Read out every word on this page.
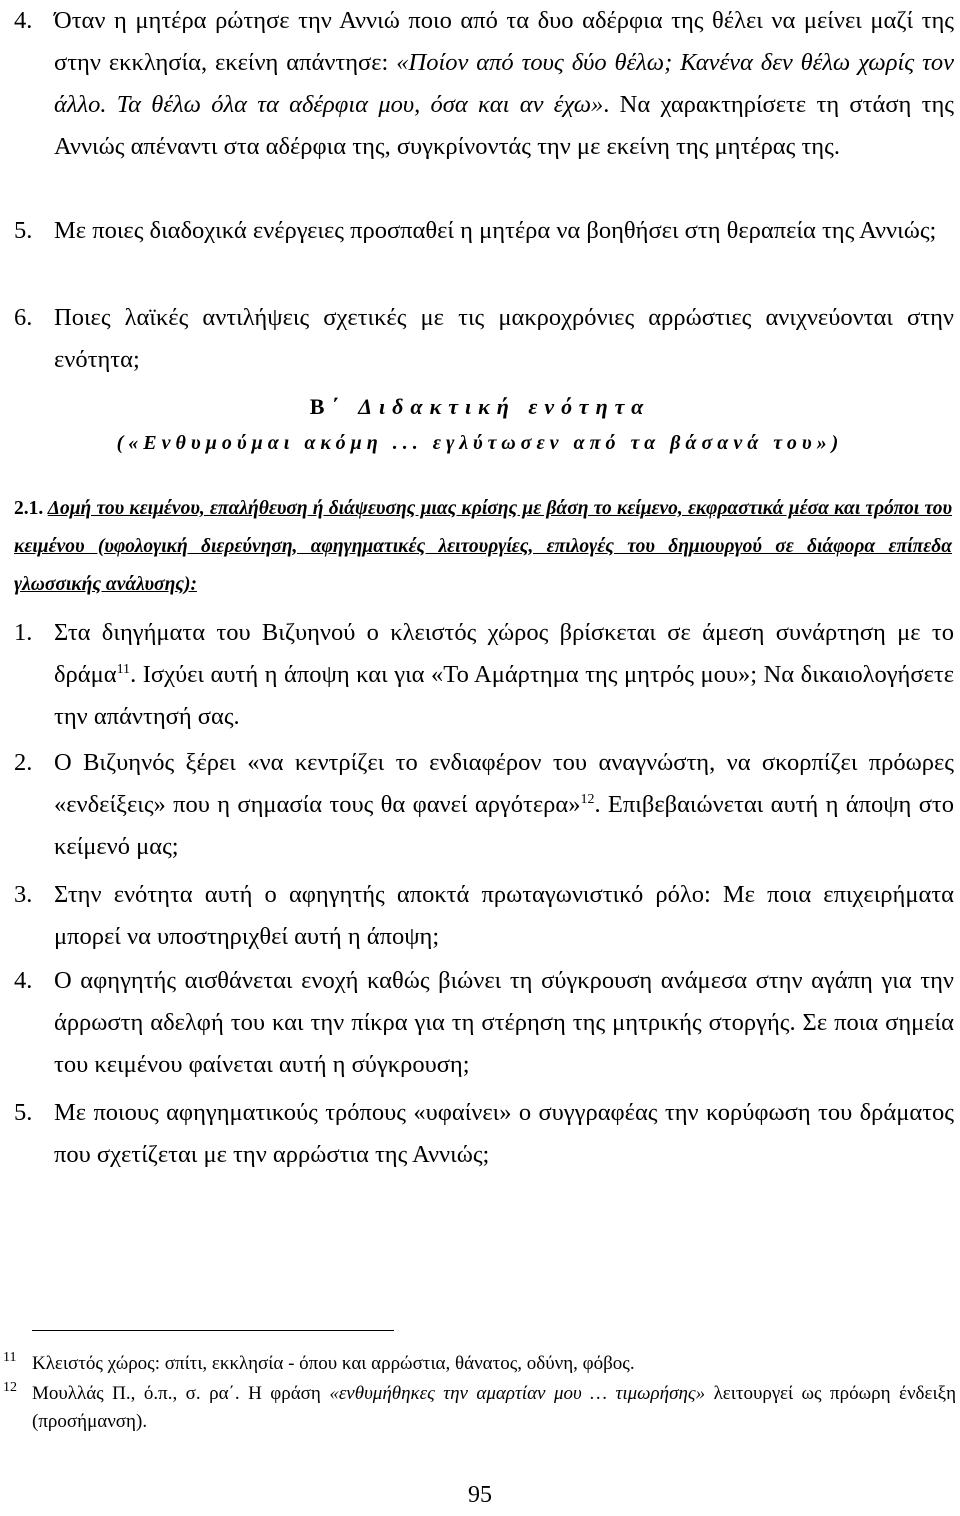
4. Όταν η μητέρα ρώτησε την Αννιώ ποιο από τα δυο αδέρφια της θέλει να μείνει μαζί της στην εκκλησία, εκείνη απάντησε: «Ποίον από τους δύο θέλω; Κανένα δεν θέλω χωρίς τον άλλο. Τα θέλω όλα τα αδέρφια μου, όσα και αν έχω». Να χαρακτηρίσετε τη στάση της Αννιώς απέναντι στα αδέρφια της, συγκρίνοντάς την με εκείνη της μητέρας της.
5. Με ποιες διαδοχικά ενέργειες προσπαθεί η μητέρα να βοηθήσει στη θεραπεία της Αννιώς;
6. Ποιες λαϊκές αντιλήψεις σχετικές με τις μακροχρόνιες αρρώστιες ανιχνεύονται στην ενότητα;
Β΄ Διδακτική ενότητα
(«Ενθυμούμαι ακόμη ... εγλύτωσεν από τα βάσανά του»)
2.1. Δομή του κειμένου, επαλήθευση ή διάψευσης μιας κρίσης με βάση το κείμενο, εκφραστικά μέσα και τρόποι του κειμένου (υφολογική διερεύνηση, αφηγηματικές λειτουργίες, επιλογές του δημιουργού σε διάφορα επίπεδα γλωσσικής ανάλυσης):
1. Στα διηγήματα του Βιζυηνού ο κλειστός χώρος βρίσκεται σε άμεση συνάρτηση με το δράμα$^{11}$. Ισχύει αυτή η άποψη και για «Το Αμάρτημα της μητρός μου»; Να δικαιολογήσετε την απάντησή σας.
2. Ο Βιζυηνός ξέρει «να κεντρίζει το ενδιαφέρον του αναγνώστη, να σκορπίζει πρόωρες «ενδείξεις» που η σημασία τους θα φανεί αργότερα»$^{12}$. Επιβεβαιώνεται αυτή η άποψη στο κείμενό μας;
3. Στην ενότητα αυτή ο αφηγητής αποκτά πρωταγωνιστικό ρόλο: Με ποια επιχειρήματα μπορεί να υποστηριχθεί αυτή η άποψη;
4. Ο αφηγητής αισθάνεται ενοχή καθώς βιώνει τη σύγκρουση ανάμεσα στην αγάπη για την άρρωστη αδελφή του και την πίκρα για τη στέρηση της μητρικής στοργής. Σε ποια σημεία του κειμένου φαίνεται αυτή η σύγκρουση;
5. Με ποιους αφηγηματικούς τρόπους «υφαίνει» ο συγγραφέας την κορύφωση του δράματος που σχετίζεται με την αρρώστια της Αννιώς;
11 Κλειστός χώρος: σπίτι, εκκλησία - όπου και αρρώστια, θάνατος, οδύνη, φόβος.
12 Μουλλάς Π., ό.π., σ. ρα΄. Η φράση «ενθυμήθηκες την αμαρτίαν μου … τιμωρήσης» λειτουργεί ως πρόωρη ένδειξη (προσήμανση).
95
